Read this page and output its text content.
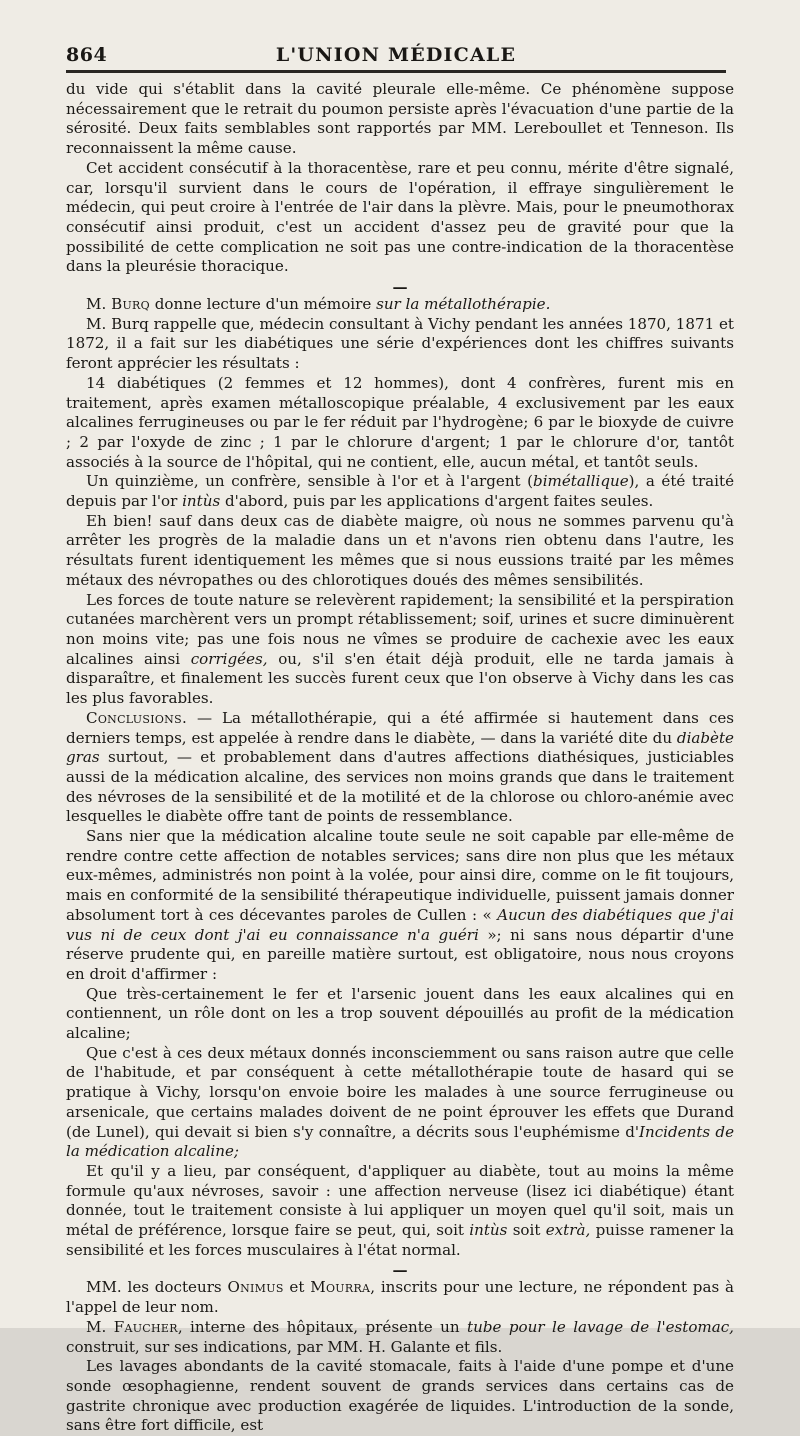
864	L'UNION MÉDICALE

du vide qui s'établit dans la cavité pleurale elle-même. Ce phénomène suppose nécessairement que le retrait du poumon persiste après l'évacuation d'une partie de la sérosité. Deux faits semblables sont rapportés par MM. Lereboullet et Tenneson. Ils reconnaissent la même cause.

Cet accident consécutif à la thoracentèse, rare et peu connu, mérite d'être signalé, car, lorsqu'il survient dans le cours de l'opération, il effraye singulièrement le médecin, qui peut croire à l'entrée de l'air dans la plèvre. Mais, pour le pneumothorax consécutif ainsi produit, c'est un accident d'assez peu de gravité pour que la possibilité de cette complication ne soit pas une contre-indication de la thoracentèse dans la pleurésie thoracique.

—

M. Burq donne lecture d'un mémoire sur la métallothérapie.

M. Burq rappelle que, médecin consultant à Vichy pendant les années 1870, 1871 et 1872, il a fait sur les diabétiques une série d'expériences dont les chiffres suivants feront apprécier les résultats :

14 diabétiques (2 femmes et 12 hommes), dont 4 confrères, furent mis en traitement, après examen métalloscopique préalable, 4 exclusivement par les eaux alcalines ferrugineuses ou par le fer réduit par l'hydrogène; 6 par le bioxyde de cuivre ; 2 par l'oxyde de zinc ; 1 par le chlorure d'argent; 1 par le chlorure d'or, tantôt associés à la source de l'hôpital, qui ne contient, elle, aucun métal, et tantôt seuls.

Un quinzième, un confrère, sensible à l'or et à l'argent (bimétallique), a été traité depuis par l'or intùs d'abord, puis par les applications d'argent faites seules.

Eh bien! sauf dans deux cas de diabète maigre, où nous ne sommes parvenu qu'à arrêter les progrès de la maladie dans un et n'avons rien obtenu dans l'autre, les résultats furent identiquement les mêmes que si nous eussions traité par les mêmes métaux des névropathes ou des chlorotiques doués des mêmes sensibilités.

Les forces de toute nature se relevèrent rapidement; la sensibilité et la perspiration cutanées marchèrent vers un prompt rétablissement; soif, urines et sucre diminuèrent non moins vite; pas une fois nous ne vîmes se produire de cachexie avec les eaux alcalines ainsi corrigées, ou, s'il s'en était déjà produit, elle ne tarda jamais à disparaître, et finalement les succès furent ceux que l'on observe à Vichy dans les cas les plus favorables.

Conclusions. — La métallothérapie, qui a été affirmée si hautement dans ces derniers temps, est appelée à rendre dans le diabète, — dans la variété dite du diabète gras surtout, — et probablement dans d'autres affections diathésiques, justiciables aussi de la médication alcaline, des services non moins grands que dans le traitement des névroses de la sensibilité et de la motilité et de la chlorose ou chloro-anémie avec lesquelles le diabète offre tant de points de ressemblance.

Sans nier que la médication alcaline toute seule ne soit capable par elle-même de rendre contre cette affection de notables services; sans dire non plus que les métaux eux-mêmes, administrés non point à la volée, pour ainsi dire, comme on le fit toujours, mais en conformité de la sensibilité thérapeutique individuelle, puissent jamais donner absolument tort à ces décevantes paroles de Cullen : « Aucun des diabétiques que j'ai vus ni de ceux dont j'ai eu connaissance n'a guéri »; ni sans nous départir d'une réserve prudente qui, en pareille matière surtout, est obligatoire, nous nous croyons en droit d'affirmer :

Que très-certainement le fer et l'arsenic jouent dans les eaux alcalines qui en contiennent, un rôle dont on les a trop souvent dépouillés au profit de la médication alcaline;

Que c'est à ces deux métaux donnés inconsciemment ou sans raison autre que celle de l'habitude, et par conséquent à cette métallothérapie toute de hasard qui se pratique à Vichy, lorsqu'on envoie boire les malades à une source ferrugineuse ou arsenicale, que certains malades doivent de ne point éprouver les effets que Durand (de Lunel), qui devait si bien s'y connaître, a décrits sous l'euphémisme d'Incidents de la médication alcaline;

Et qu'il y a lieu, par conséquent, d'appliquer au diabète, tout au moins la même formule qu'aux névroses, savoir : une affection nerveuse (lisez ici diabétique) étant donnée, tout le traitement consiste à lui appliquer un moyen quel qu'il soit, mais un métal de préférence, lorsque faire se peut, qui, soit intùs soit extrà, puisse ramener la sensibilité et les forces musculaires à l'état normal.

—

MM. les docteurs Onimus et Mourra, inscrits pour une lecture, ne répondent pas à l'appel de leur nom.

M. Faucher, interne des hôpitaux, présente un tube pour le lavage de l'estomac, construit, sur ses indications, par MM. H. Galante et fils.

Les lavages abondants de la cavité stomacale, faits à l'aide d'une pompe et d'une sonde œsophagienne, rendent souvent de grands services dans certains cas de gastrite chronique avec production exagérée de liquides. L'introduction de la sonde, sans être fort difficile, est
